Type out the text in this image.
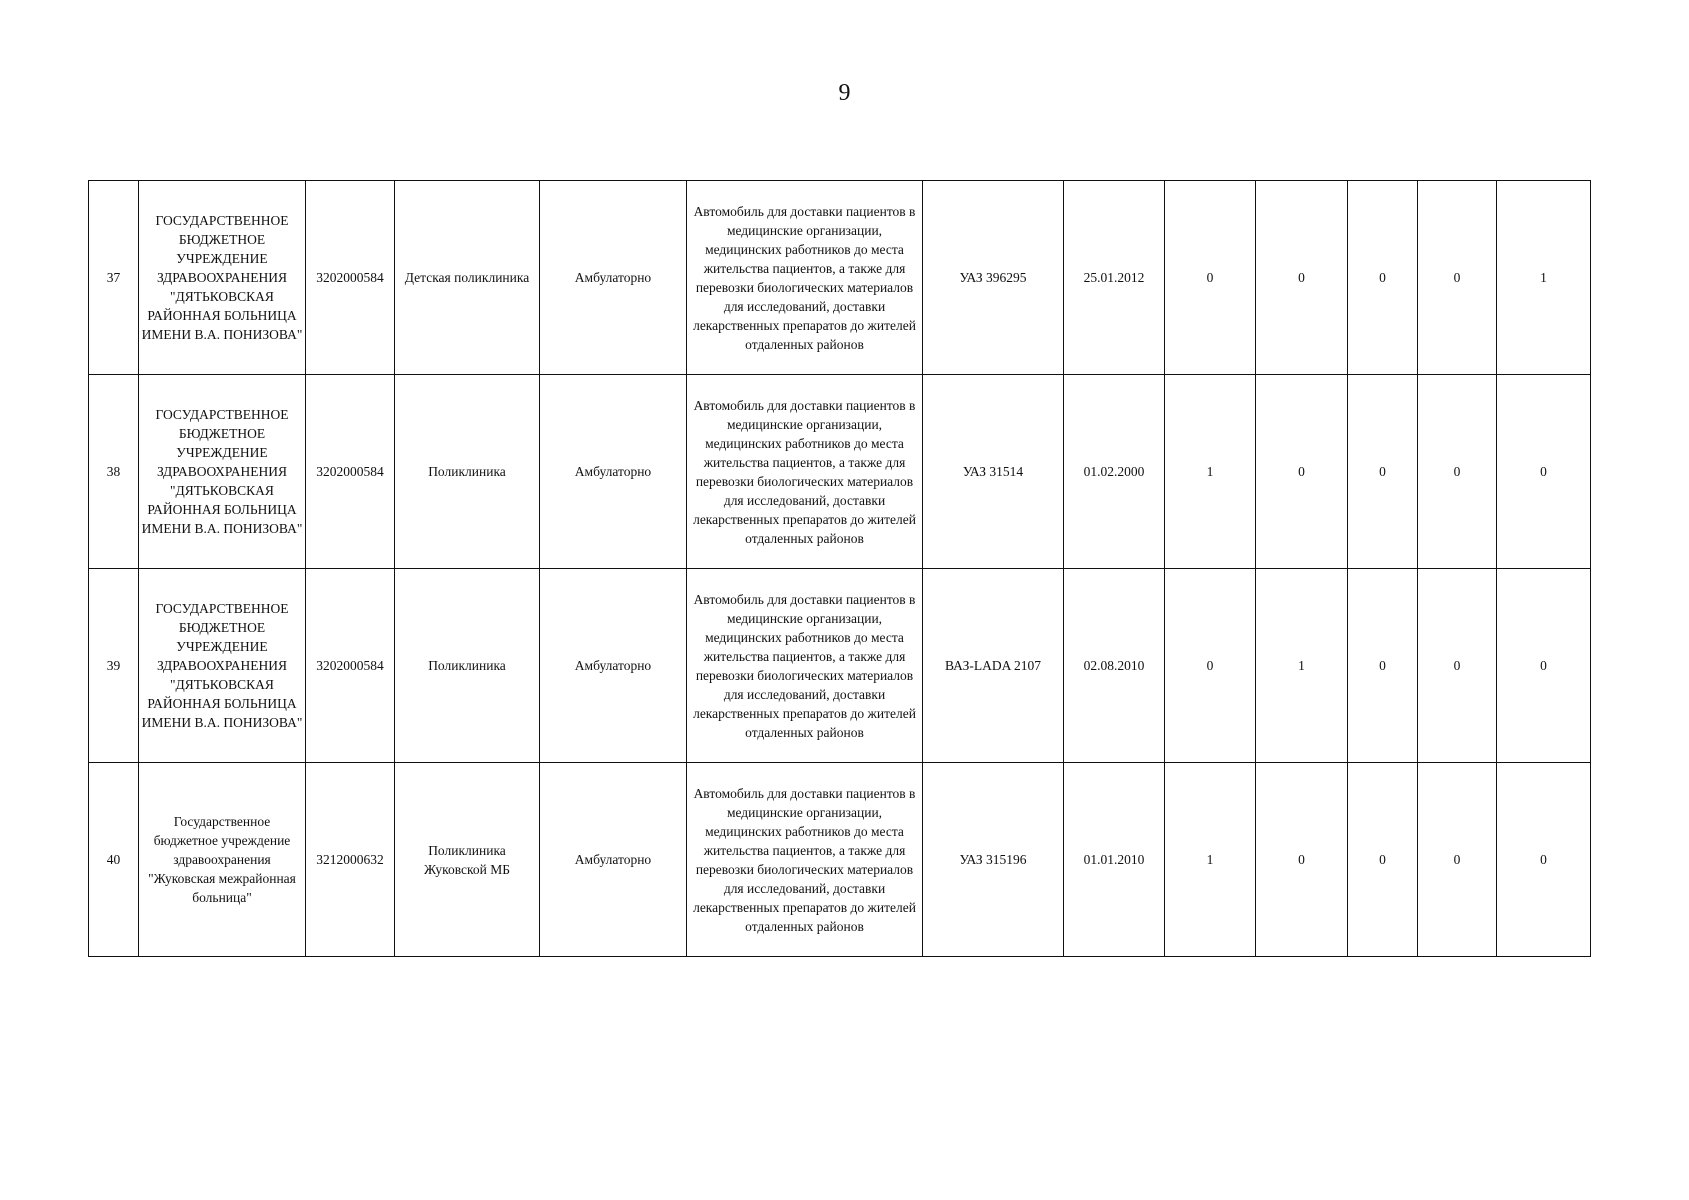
9
37	ГОСУДАРСТВЕННОЕ БЮДЖЕТНОЕ УЧРЕЖДЕНИЕ ЗДРАВООХРАНЕНИЯ "ДЯТЬКОВСКАЯ РАЙОННАЯ БОЛЬНИЦА ИМЕНИ В.А. ПОНИЗОВА"	3202000584	Детская поликлиника	Амбулаторно	Автомобиль для доставки пациентов в медицинские организации, медицинских работников до места жительства пациентов, а также для перевозки биологических материалов для исследований, доставки лекарственных препаратов до жителей отдаленных районов	УАЗ 396295	25.01.2012	0	0	0	0	1
38	ГОСУДАРСТВЕННОЕ БЮДЖЕТНОЕ УЧРЕЖДЕНИЕ ЗДРАВООХРАНЕНИЯ "ДЯТЬКОВСКАЯ РАЙОННАЯ БОЛЬНИЦА ИМЕНИ В.А. ПОНИЗОВА"	3202000584	Поликлиника	Амбулаторно	Автомобиль для доставки пациентов в медицинские организации, медицинских работников до места жительства пациентов, а также для перевозки биологических материалов для исследований, доставки лекарственных препаратов до жителей отдаленных районов	УАЗ 31514	01.02.2000	1	0	0	0	0
39	ГОСУДАРСТВЕННОЕ БЮДЖЕТНОЕ УЧРЕЖДЕНИЕ ЗДРАВООХРАНЕНИЯ "ДЯТЬКОВСКАЯ РАЙОННАЯ БОЛЬНИЦА ИМЕНИ В.А. ПОНИЗОВА"	3202000584	Поликлиника	Амбулаторно	Автомобиль для доставки пациентов в медицинские организации, медицинских работников до места жительства пациентов, а также для перевозки биологических материалов для исследований, доставки лекарственных препаратов до жителей отдаленных районов	ВАЗ-LADA 2107	02.08.2010	0	1	0	0	0
40	Государственное бюджетное учреждение здравоохранения "Жуковская межрайонная больница"	3212000632	Поликлиника Жуковской МБ	Амбулаторно	Автомобиль для доставки пациентов в медицинские организации, медицинских работников до места жительства пациентов, а также для перевозки биологических материалов для исследований, доставки лекарственных препаратов до жителей отдаленных районов	УАЗ 315196	01.01.2010	1	0	0	0	0
